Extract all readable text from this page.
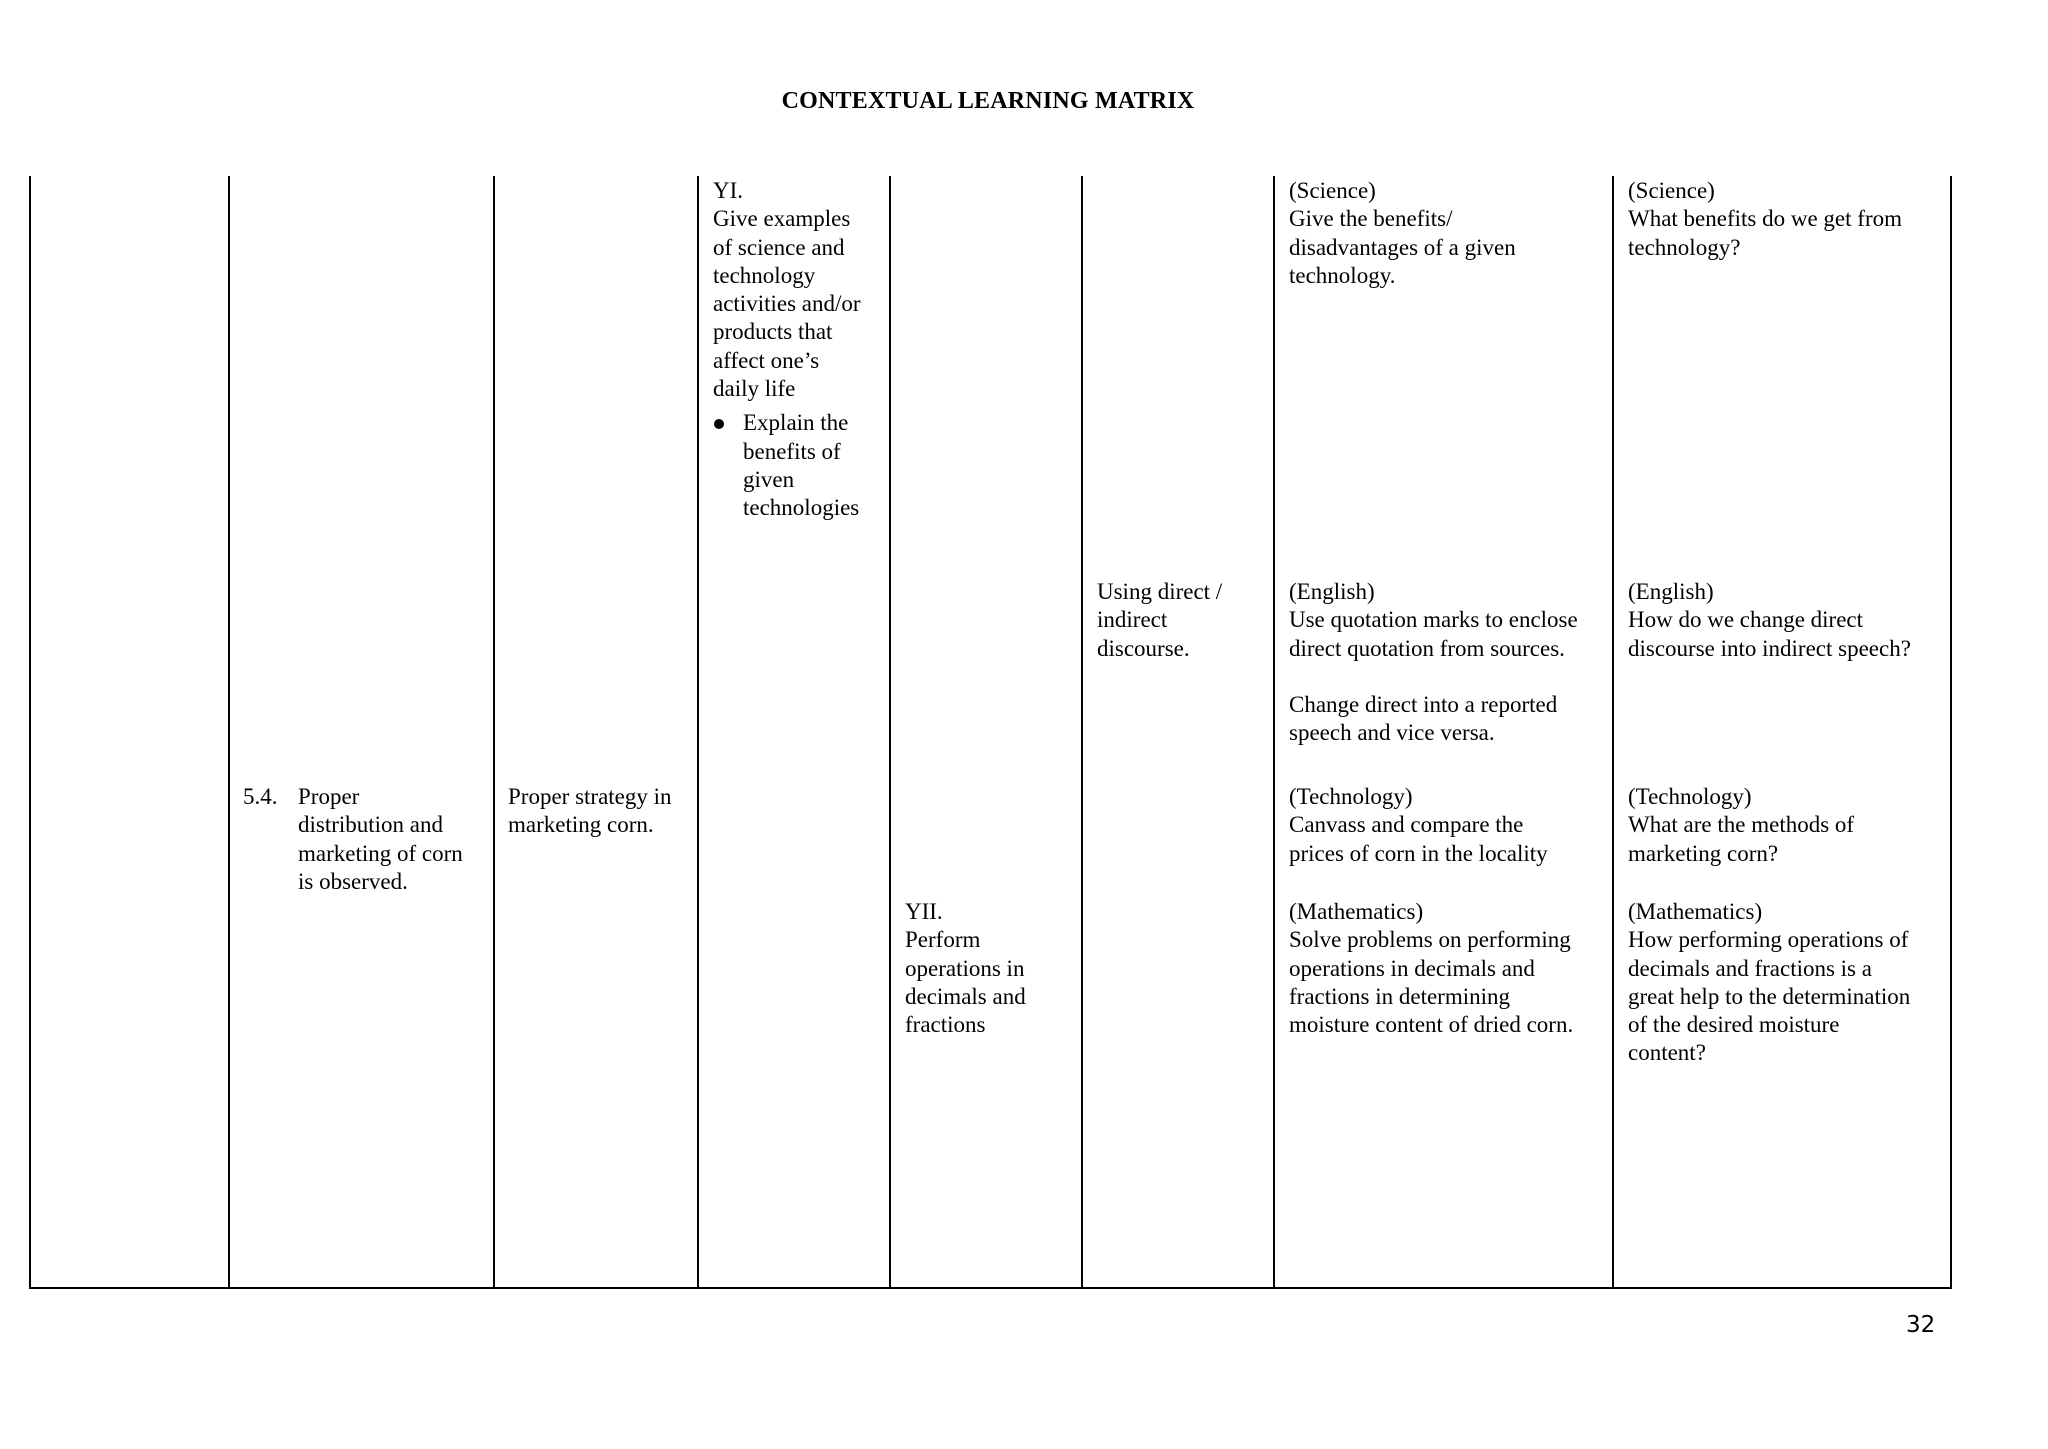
CONTEXTUAL LEARNING MATRIX
YI.
Give examples
of science and
technology
activities and/or
products that
affect one’s
daily life
Explain the
benefits of
given
technologies
(Science)
Give the benefits/
disadvantages of a given
technology.
(Science)
What benefits do we get from
technology?
Using direct /
indirect
discourse.
(English)
Use quotation marks to enclose
direct quotation from sources.
Change direct into a reported
speech and vice versa.
(English)
How do we change direct
discourse into indirect speech?
5.4. Proper
distribution and
marketing of corn
is observed.
Proper strategy in
marketing corn.
(Technology)
Canvass and compare the
prices of corn in the locality
(Technology)
What are the methods of
marketing corn?
YII.
Perform
operations in
decimals and
fractions
(Mathematics)
Solve problems on performing
operations in decimals and
fractions in determining
moisture content of dried corn.
(Mathematics)
How performing operations of
decimals and fractions is a
great help to the determination
of the desired moisture
content?
32
